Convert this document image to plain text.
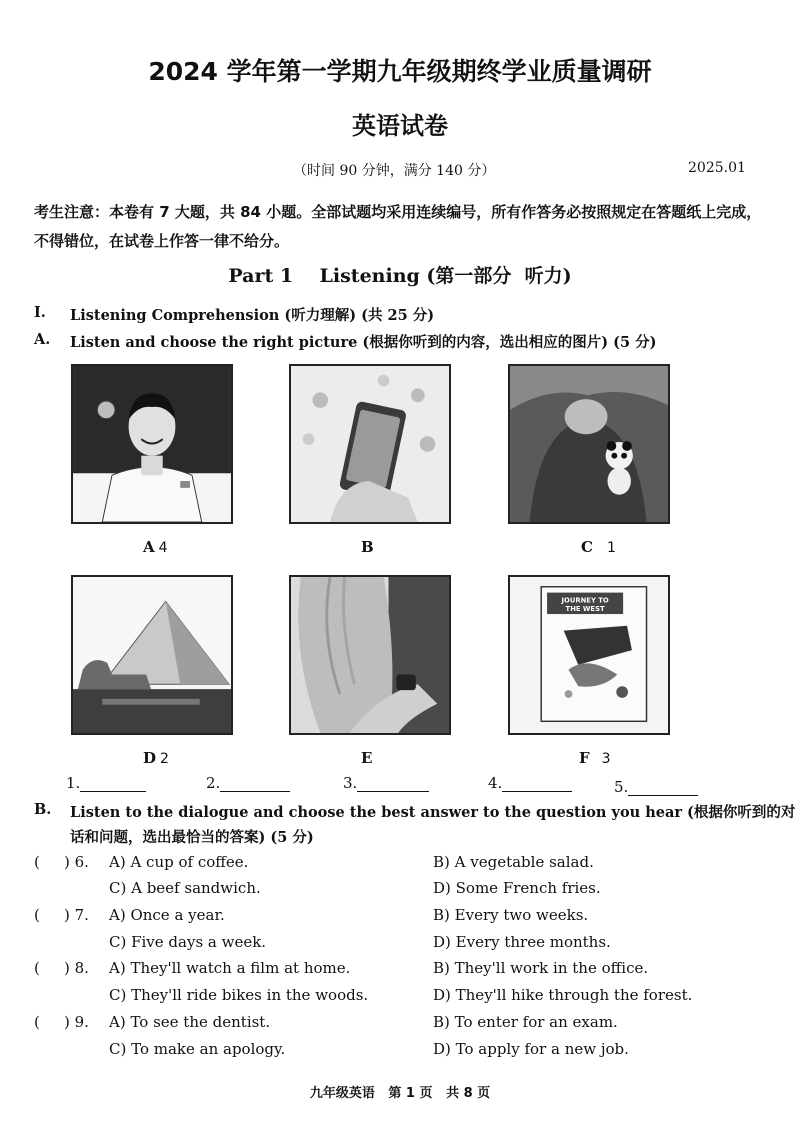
2024 学年第一学期九年级期终学业质量调研
英语试卷
（时间 90 分钟，满分 140 分）	2025.01
考生注意：本卷有 7 大题，共 84 小题。全部试题均采用连续编号，所有作答务必按照规定在答题纸上完成，不得错位，在试卷上作答一律不给分。
Part 1    Listening (第一部分  听力)
I. Listening Comprehension (听力理解) (共 25 分)
A. Listen and choose the right picture (根据你听到的内容，选出相应的图片) (5 分)
A 4	B	C 1
JOURNEY TO
THE WEST
D 2	E	F 3
1.	2.	3.	4.	5.
B. Listen to the dialogue and choose the best answer to the question you hear (根据你听到的对
话和问题，选出最恰当的答案) (5 分)
( ) 6. A) A cup of coffee.	B) A vegetable salad.
C) A beef sandwich.	D) Some French fries.
( ) 7. A) Once a year.	B) Every two weeks.
C) Five days a week.	D) Every three months.
( ) 8. A) They'll watch a film at home.	B) They'll work in the office.
C) They'll ride bikes in the woods.	D) They'll hike through the forest.
( ) 9. A) To see the dentist.	B) To enter for an exam.
C) To make an apology.	D) To apply for a new job.
九年级英语   第 1 页   共 8 页
